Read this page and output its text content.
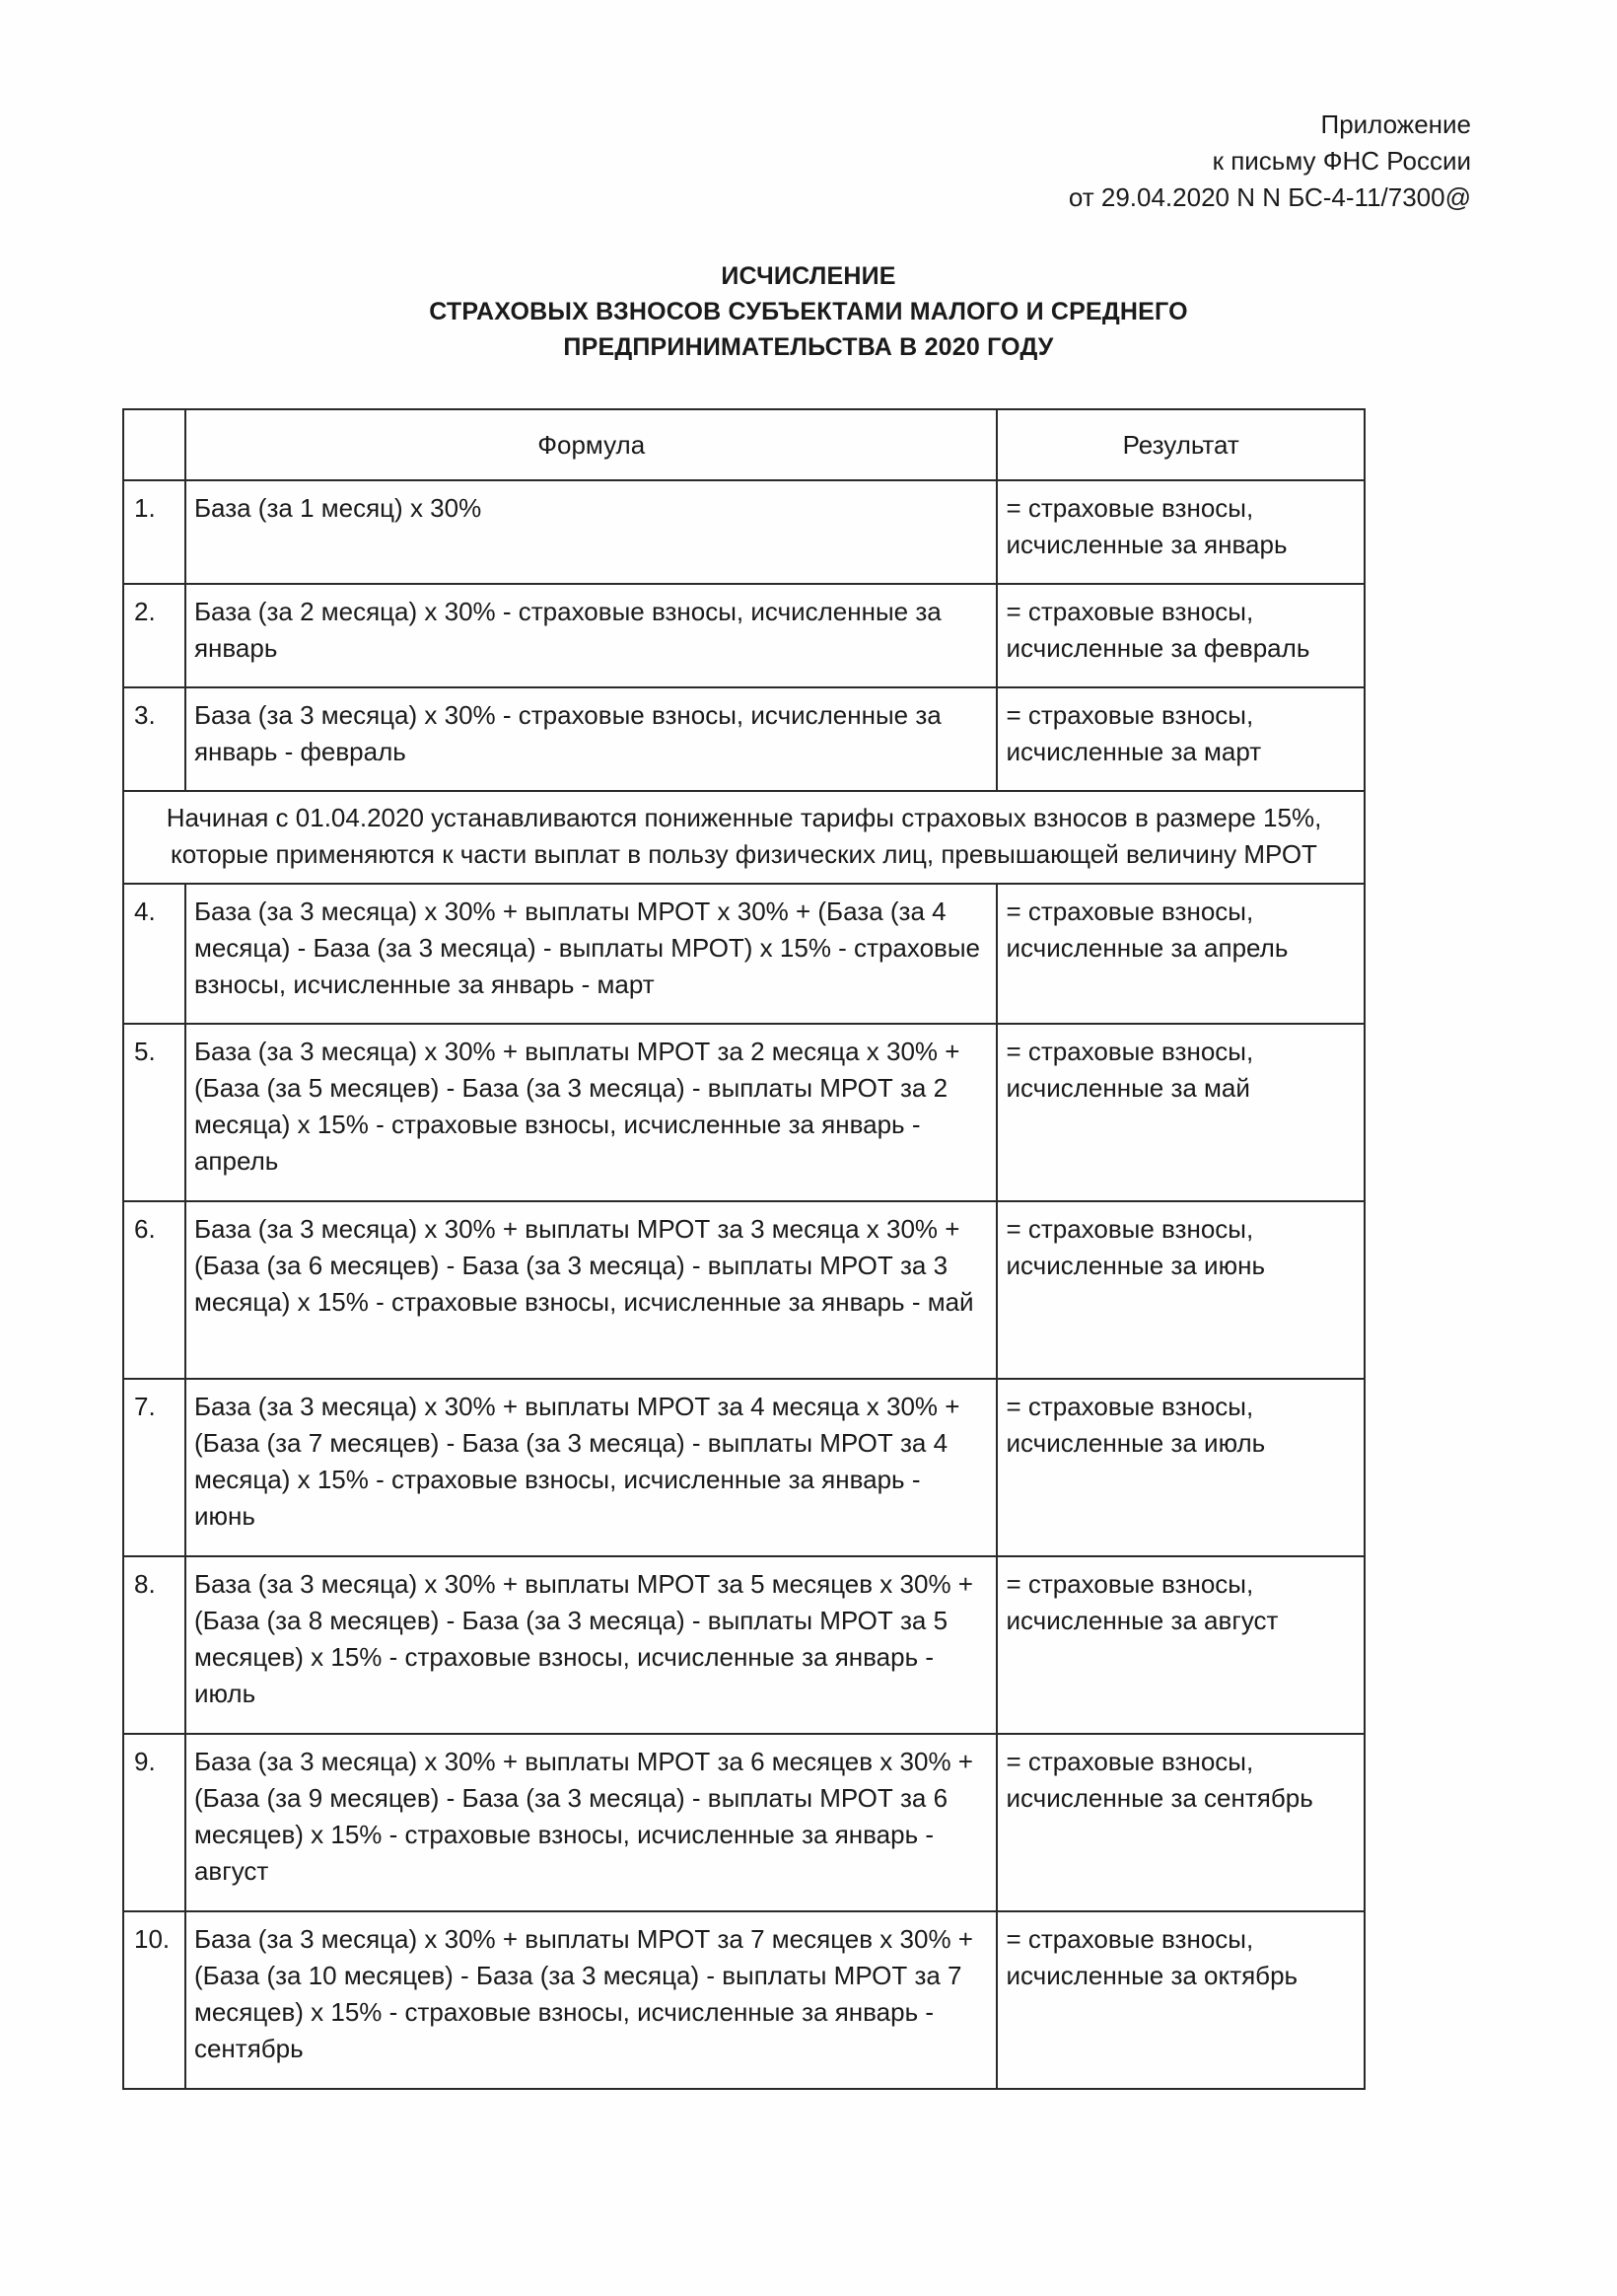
Приложение
к письму ФНС России
от 29.04.2020 N N БС-4-11/7300@
ИСЧИСЛЕНИЕ
СТРАХОВЫХ ВЗНОСОВ СУБЪЕКТАМИ МАЛОГО И СРЕДНЕГО
ПРЕДПРИНИМАТЕЛЬСТВА В 2020 ГОДУ
	Формула	Результат
1.	База (за 1 месяц) х 30%	= страховые взносы, исчисленные за январь
2.	База (за 2 месяца) х 30% - страховые взносы, исчисленные за январь	= страховые взносы, исчисленные за февраль
3.	База (за 3 месяца) х 30% - страховые взносы, исчисленные за январь - февраль	= страховые взносы, исчисленные за март
Начиная с 01.04.2020 устанавливаются пониженные тарифы страховых взносов в размере 15%, которые применяются к части выплат в пользу физических лиц, превышающей величину МРОТ		
4.	База (за 3 месяца) х 30% + выплаты МРОТ х 30% + (База (за 4 месяца) - База (за 3 месяца) - выплаты МРОТ) х 15% - страховые взносы, исчисленные за январь - март	= страховые взносы, исчисленные за апрель
5.	База (за 3 месяца) х 30% + выплаты МРОТ за 2 месяца х 30% + (База (за 5 месяцев) - База (за 3 месяца) - выплаты МРОТ за 2 месяца) х 15% - страховые взносы, исчисленные за январь - апрель	= страховые взносы, исчисленные за май
6.	База (за 3 месяца) х 30% + выплаты МРОТ за 3 месяца х 30% + (База (за 6 месяцев) - База (за 3 месяца) - выплаты МРОТ за 3 месяца) х 15% - страховые взносы, исчисленные за январь - май	= страховые взносы, исчисленные за июнь
7.	База (за 3 месяца) х 30% + выплаты МРОТ за 4 месяца х 30% + (База (за 7 месяцев) - База (за 3 месяца) - выплаты МРОТ за 4 месяца) х 15% - страховые взносы, исчисленные за январь - июнь	= страховые взносы, исчисленные за июль
8.	База (за 3 месяца) х 30% + выплаты МРОТ за 5 месяцев х 30% + (База (за 8 месяцев) - База (за 3 месяца) - выплаты МРОТ за 5 месяцев) х 15% - страховые взносы, исчисленные за январь - июль	= страховые взносы, исчисленные за август
9.	База (за 3 месяца) х 30% + выплаты МРОТ за 6 месяцев х 30% + (База (за 9 месяцев) - База (за 3 месяца) - выплаты МРОТ за 6 месяцев) х 15% - страховые взносы, исчисленные за январь - август	= страховые взносы, исчисленные за сентябрь
10.	База (за 3 месяца) х 30% + выплаты МРОТ за 7 месяцев х 30% + (База (за 10 месяцев) - База (за 3 месяца) - выплаты МРОТ за 7 месяцев) х 15% - страховые взносы, исчисленные за январь - сентябрь	= страховые взносы, исчисленные за октябрь
